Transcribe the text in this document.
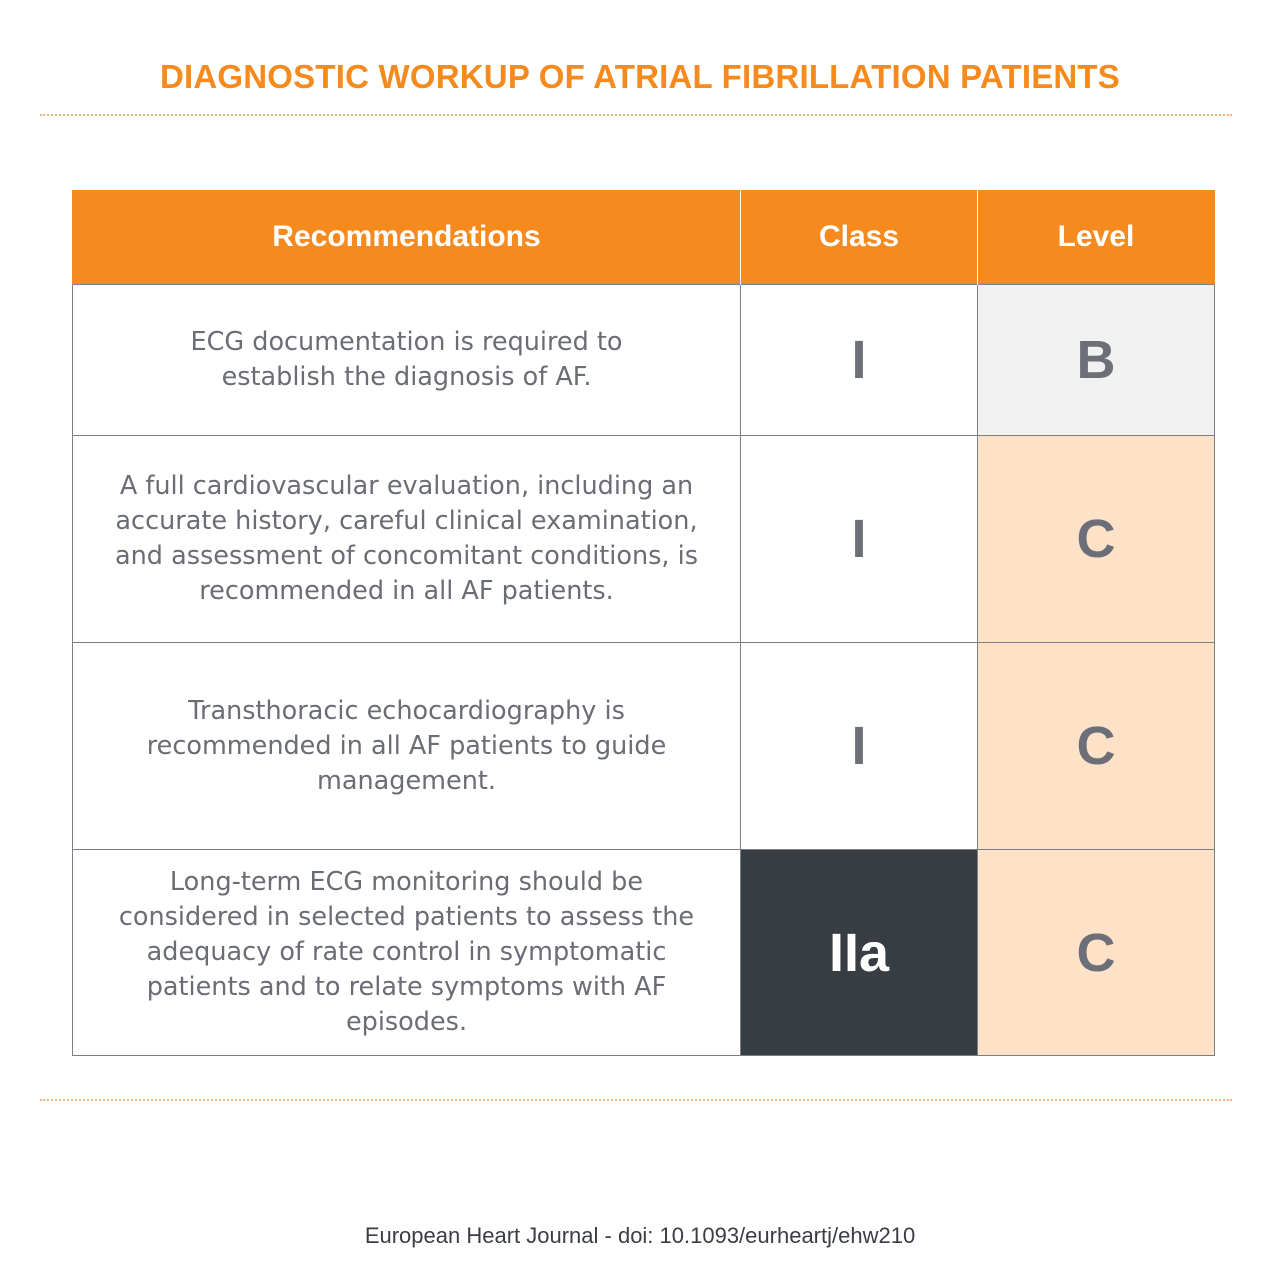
DIAGNOSTIC WORKUP OF ATRIAL FIBRILLATION PATIENTS
Recommendations	Class	Level
ECG documentation is required to establish the diagnosis of AF.	I	B
A full cardiovascular evaluation, including an accurate history, careful clinical examination, and assessment of concomitant conditions, is recommended in all AF patients.	I	C
Transthoracic echocardiography is recommended in all AF patients to guide management.	I	C
Long-term ECG monitoring should be considered in selected patients to assess the adequacy of rate control in symptomatic patients and to relate symptoms with AF episodes.	IIa	C
European Heart Journal - doi: 10.1093/eurheartj/ehw210
